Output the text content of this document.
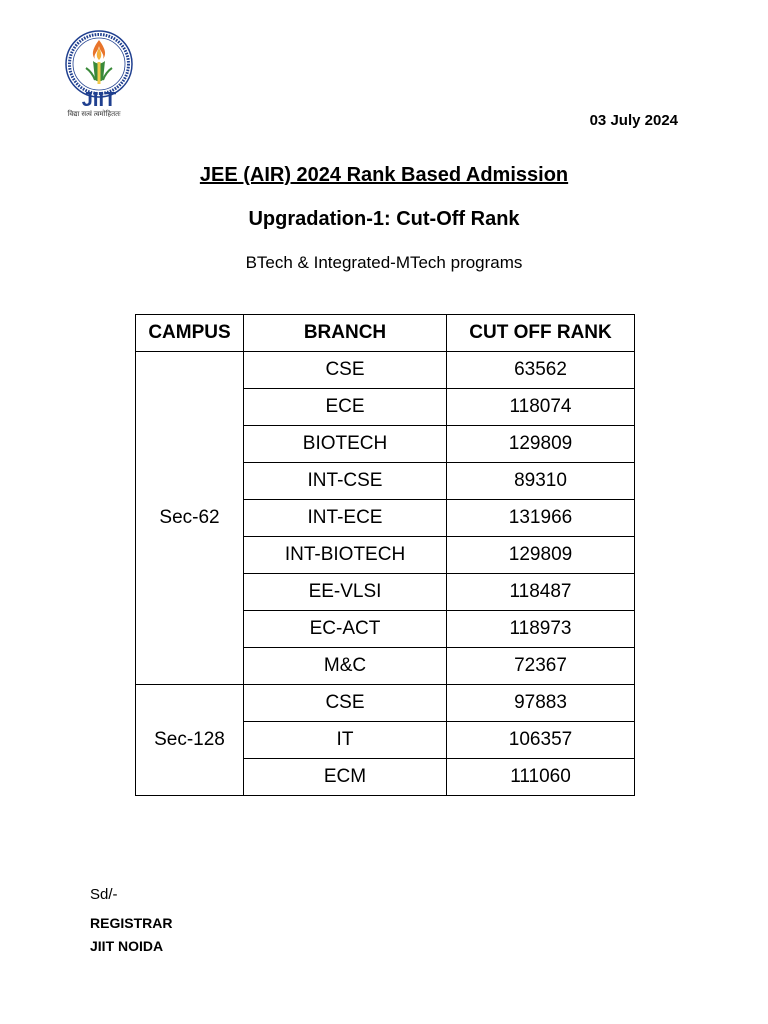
JIIT
विद्या सत्वं त्वमोहिततः	03 July 2024
JEE (AIR) 2024 Rank Based Admission
Upgradation-1: Cut-Off Rank
BTech & Integrated-MTech programs
CAMPUS	BRANCH	CUT OFF RANK
Sec-62	CSE	63562
	ECE	118074
	BIOTECH	129809
	INT-CSE	89310
	INT-ECE	131966
	INT-BIOTECH	129809
	EE-VLSI	118487
	EC-ACT	118973
	M&C	72367
Sec-128	CSE	97883
	IT	106357
	ECM	111060
Sd/-
REGISTRAR
JIIT NOIDA
